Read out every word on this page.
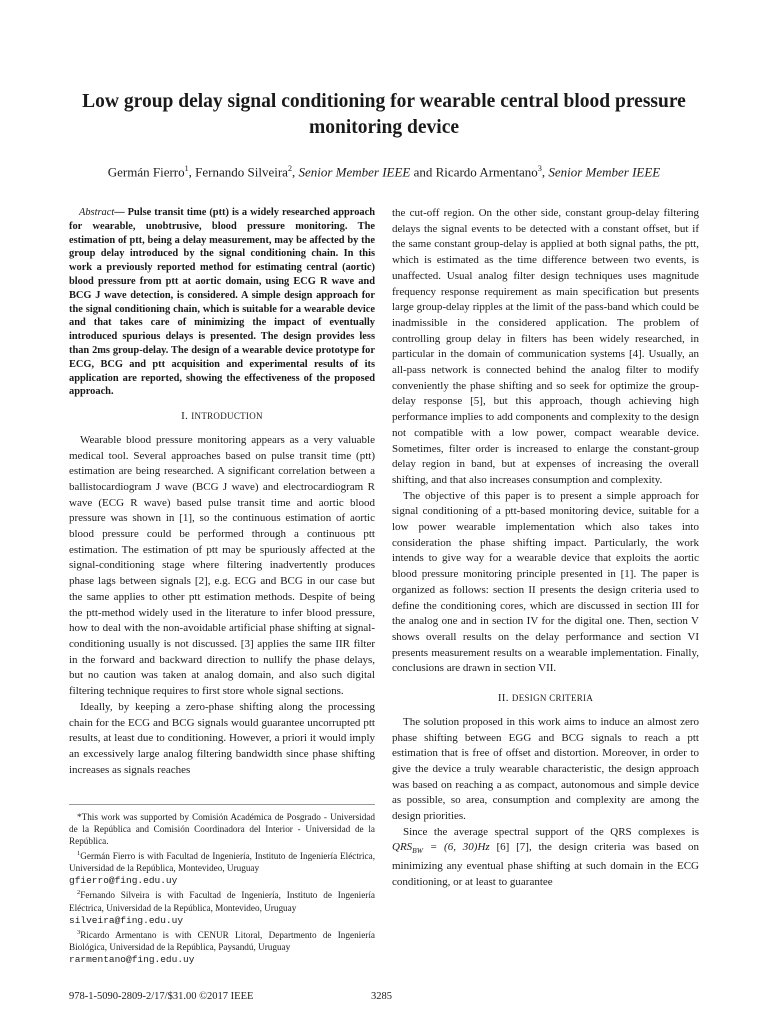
Low group delay signal conditioning for wearable central blood pressure monitoring device
Germán Fierro$^1$, Fernando Silveira$^2$, Senior Member IEEE and Ricardo Armentano$^3$, Senior Member IEEE

Abstract— Pulse transit time (ptt) is a widely researched approach for wearable, unobtrusive, blood pressure monitoring. The estimation of ptt, being a delay measurement, may be affected by the group delay introduced by the signal conditioning chain. In this work a previously reported method for estimating central (aortic) blood pressure from ptt at aortic domain, using ECG R wave and BCG J wave detection, is considered. A simple design approach for the signal conditioning chain, which is suitable for a wearable device and that takes care of minimizing the impact of eventually introduced spurious delays is presented. The design provides less than 2ms group-delay. The design of a wearable device prototype for ECG, BCG and ptt acquisition and experimental results of its application are reported, showing the effectiveness of the proposed approach.

I. INTRODUCTION

Wearable blood pressure monitoring appears as a very valuable medical tool. Several approaches based on pulse transit time (ptt) estimation are being researched. A significant correlation between a ballistocardiogram J wave (BCG J wave) and electrocardiogram R wave (ECG R wave) based pulse transit time and aortic blood pressure was shown in [1], so the continuous estimation of aortic blood pressure could be performed through a continuous ptt estimation. The estimation of ptt may be spuriously affected at the signal-conditioning stage where filtering inadvertently produces phase lags between signals [2], e.g. ECG and BCG in our case but the same applies to other ptt estimation methods. Despite of being the ptt-method widely used in the literature to infer blood pressure, how to deal with the non-avoidable artificial phase shifting at signal-conditioning usually is not discussed. [3] applies the same IIR filter in the forward and backward direction to nullify the phase delays, but no caution was taken at analog domain, and also such digital filtering technique requires to first store whole signal sections.

Ideally, by keeping a zero-phase shifting along the processing chain for the ECG and BCG signals would guarantee uncorrupted ptt results, at least due to conditioning. However, a priori it would imply an excessively large analog filtering bandwidth since phase shifting increases as signals reaches

*This work was supported by Comisión Académica de Posgrado - Universidad de la República and Comisión Coordinadora del Interior - Universidad de la República.
$^1$Germán Fierro is with Facultad de Ingeniería, Instituto de Ingeniería Eléctrica, Universidad de la República, Montevideo, Uruguay
gfierro@fing.edu.uy
$^2$Fernando Silveira is with Facultad de Ingeniería, Instituto de Ingeniería Eléctrica, Universidad de la República, Montevideo, Uruguay
silveira@fing.edu.uy
$^3$Ricardo Armentano is with CENUR Litoral, Departmento de Ingeniería Biológica, Universidad de la República, Paysandú, Uruguay
rarmentano@fing.edu.uy

the cut-off region. On the other side, constant group-delay filtering delays the signal events to be detected with a constant offset, but if the same constant group-delay is applied at both signal paths, the ptt, which is estimated as the time difference between two events, is unaffected. Usual analog filter design techniques uses magnitude frequency response requirement as main specification but presents large group-delay ripples at the limit of the pass-band which could be inadmissible in the considered application. The problem of controlling group delay in filters has been widely researched, in particular in the domain of communication systems [4]. Usually, an all-pass network is connected behind the analog filter to modify conveniently the phase shifting and so seek for optimize the group-delay response [5], but this approach, though achieving high performance implies to add components and complexity to the design not compatible with a low power, compact wearable device. Sometimes, filter order is increased to enlarge the constant-group delay region in band, but at expenses of increasing the overall shifting, and that also increases consumption and complexity.

The objective of this paper is to present a simple approach for signal conditioning of a ptt-based monitoring device, suitable for a low power wearable implementation which also takes into consideration the phase shifting impact. Particularly, the work intends to give way for a wearable device that exploits the aortic blood pressure monitoring principle presented in [1]. The paper is organized as follows: section II presents the design criteria used to define the conditioning cores, which are discussed in section III for the analog one and in section IV for the digital one. Then, section V shows overall results on the delay performance and section VI presents measurement results on a wearable implementation. Finally, conclusions are drawn in section VII.

II. DESIGN CRITERIA

The solution proposed in this work aims to induce an almost zero phase shifting between EGG and BCG signals to reach a ptt estimation that is free of offset and distortion. Moreover, in order to give the device a truly wearable characteristic, the design approach was based on reaching a as compact, autonomous and simple device as possible, so area, consumption and complexity are among the design priorities.

Since the average spectral support of the QRS complexes is $QRS_{BW} = (6$, 30)Hz [6] [7], the design criteria was based on minimizing any eventual phase shifting at such domain in the ECG conditioning, or at least to guarantee

978-1-5090-2809-2/17/$31.00 ©2017 IEEE	3285
